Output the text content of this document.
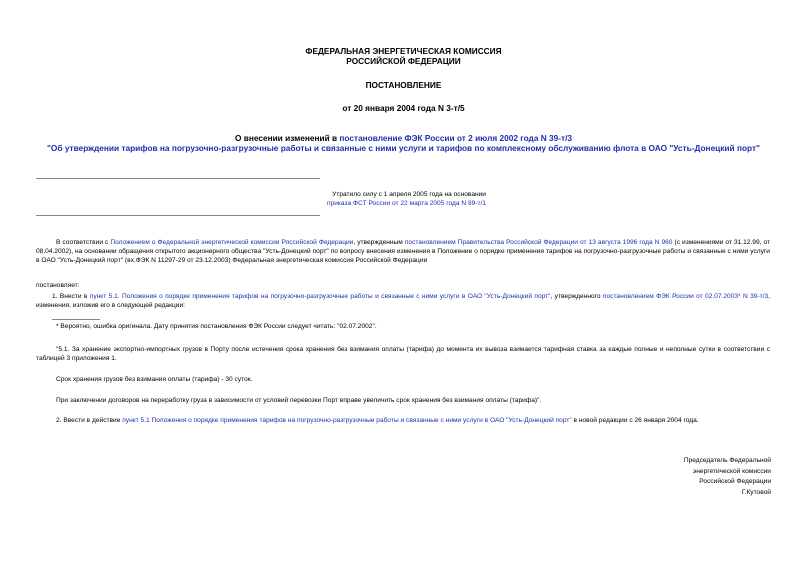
ФЕДЕРАЛЬНАЯ ЭНЕРГЕТИЧЕСКАЯ КОМИССИЯ
РОССИЙСКОЙ ФЕДЕРАЦИИ
ПОСТАНОВЛЕНИЕ
от 20 января 2004 года N 3-т/5
О внесении изменений в постановление ФЭК России от 2 июля 2002 года N 39-т/3
"Об утверждении тарифов на погрузочно-разгрузочные работы и связанные с ними услуги и тарифов по комплексному обслуживанию флота в ОАО "Усть-Донецкий порт"
Утратило силу с 1 апреля 2005 года на основании
приказа ФСТ России от 22 марта 2005 года N 89-т/1
В соответствии с Положением о Федеральной энергетической комиссии Российской Федерации, утвержденным постановлением Правительства Российской Федерации от 13 августа 1996 года N 960 (с изменениями от 31.12.99, от 08.04.2002), на основании обращения открытого акционерного общества "Усть-Донецкий порт" по вопросу внесения изменения в Положение о порядке применения тарифов на погрузочно-разгрузочные работы и связанные с ними услуги в ОАО "Усть-Донецкий порт" (вх.ФЭК N 11297-29 от 23.12.2003) Федеральная энергетическая комиссия Российской Федерации
постановляет:
1. Внести в пункт 5.1. Положения о порядке применения тарифов на погрузочно-разгрузочные работы и связанные с ними услуги в ОАО "Усть-Донецкий порт", утвержденного постановлением ФЭК России от 02.07.2003* N 39-т/3, изменения, изложив его в следующей редакции:
* Вероятно, ошибка оригинала. Дату принятия постановления ФЭК России следует читать: "02.07.2002".
"5.1. За хранение экспортно-импортных грузов в Порту после истечения срока хранения без взимания оплаты (тарифа) до момента их вывоза взимается тарифная ставка за каждые полные и неполные сутки в соответствии с таблицей 3 приложения 1.
Срок хранения грузов без взимания оплаты (тарифа) - 30 суток.
При заключении договоров на переработку груза в зависимости от условий перевозки Порт вправе увеличить срок хранения без взимания оплаты (тарифа)".
2. Ввести в действие пункт 5.1 Положения о порядке применения тарифов на погрузочно-разгрузочные работы и связанные с ними услуги в ОАО "Усть-Донецкий порт" в новой редакции с 26 января 2004 года.
Председатель Федеральной
энергетической комиссии
Российской Федерации
Г.Кутовой
